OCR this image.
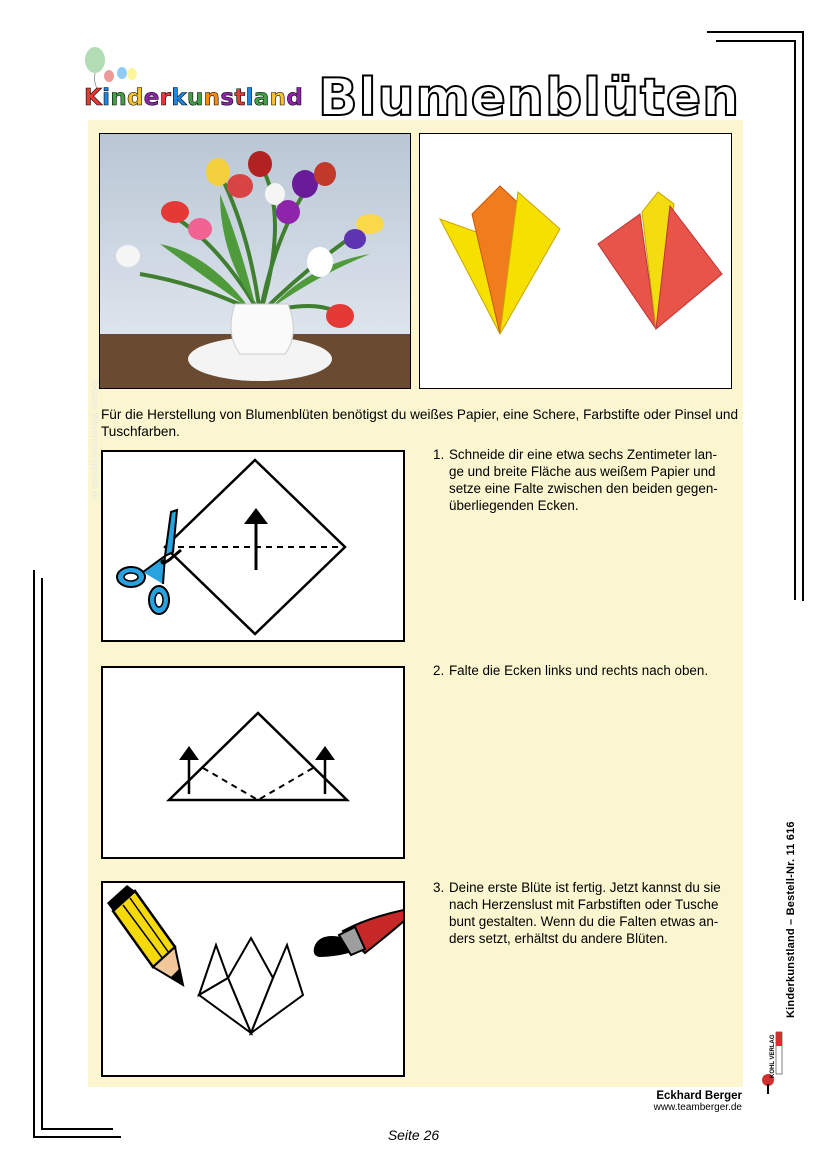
Kinderkunstland Blumenblüten
©Katrin Weyermann/pixelio.de Für die Herstellung von Blumenblüten benötigst du weißes Papier, eine Schere, Farbstifte oder Pinsel und Tuschfarben.
1. Schneide dir eine etwa sechs Zentimeter lan-
ge und breite Fläche aus weißem Papier und
setze eine Falte zwischen den beiden gegen-
überliegenden Ecken.
2. Falte die Ecken links und rechts nach oben.
3. Deine erste Blüte ist fertig. Jetzt kannst du sie
nach Herzenslust mit Farbstiften oder Tusche
bunt gestalten. Wenn du die Falten etwas an-
ders setzt, erhältst du andere Blüten.
Eckhard Berger
www.teamberger.de
Kinderkunstland – Bestell-Nr. 11 616
KOHL VERLAG
Seite 26
